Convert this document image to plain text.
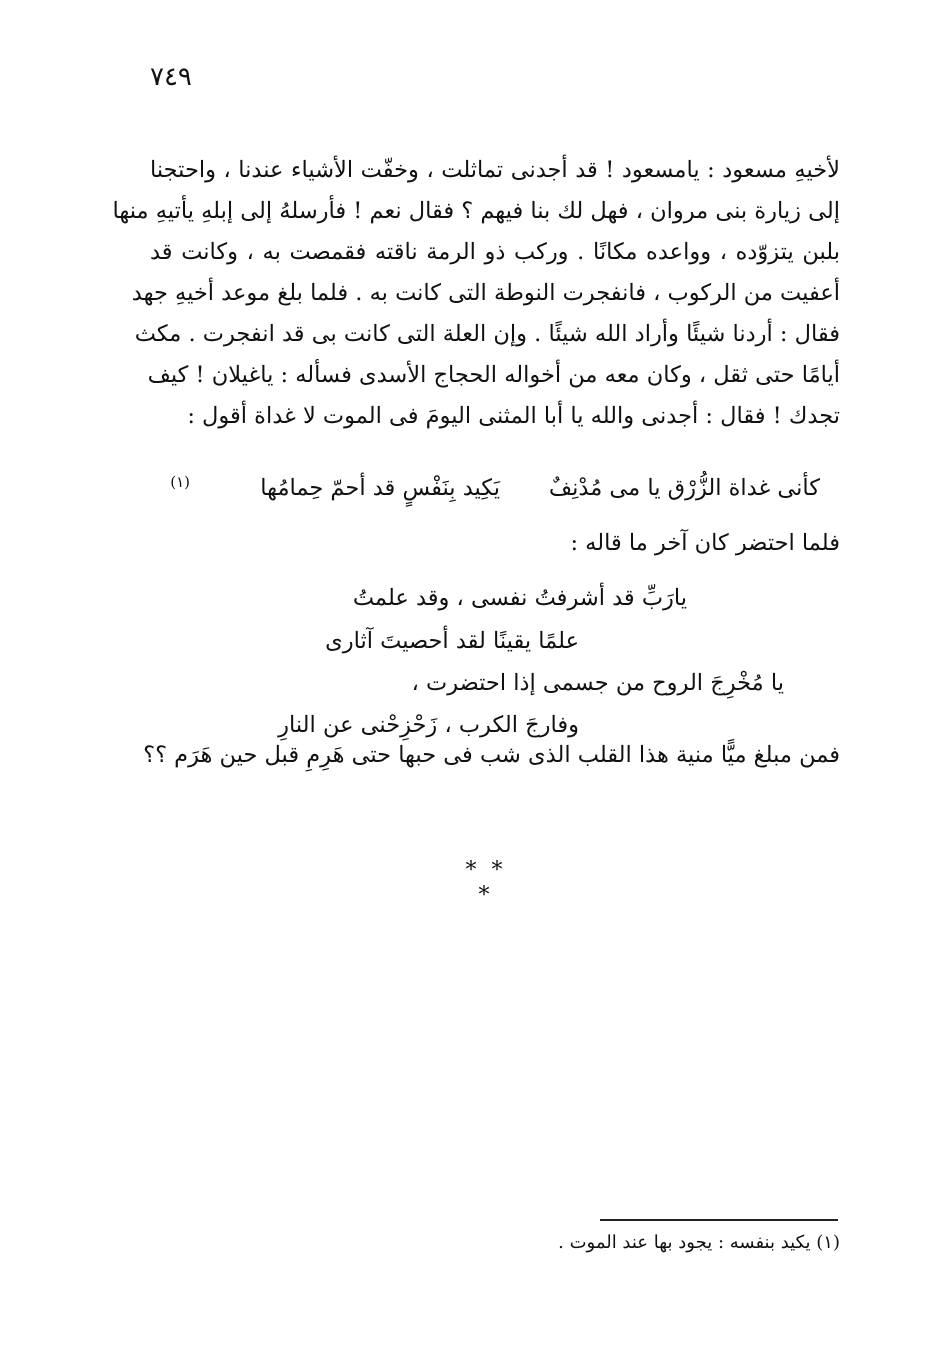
٧٤٩
لأخيهِ مسعود : يامسعود ! قد أجدنى تماثلت ، وخفّت الأشياء عندنا ، واحتجنا
إلى زيارة بنى مروان ، فهل لك بنا فيهم ؟ فقال نعم ! فأرسلهُ إلى إبلهِ يأتيهِ منها
بلبن يتزوّده ، وواعده مكانًا . وركب ذو الرمة ناقته فقمصت به ، وكانت قد
أعفيت من الركوب ، فانفجرت النوطة التى كانت به . فلما بلغ موعد أخيهِ جهد
فقال : أردنا شيئًا وأراد الله شيئًا . وإن العلة التى كانت بى قد انفجرت . مكث
أيامًا حتى ثقل ، وكان معه من أخواله الحجاج الأسدى فسأله : ياغيلان ! كيف
تجدك ! فقال : أجدنى والله يا أبا المثنى اليومَ فى الموت لا غداة أقول :
كأنى غداة الزُّرْق يا مى مُدْنِفٌ
يَكِيد بِنَفْسٍ قد أحمّ حِمامُها
(١)
فلما احتضر كان آخر ما قاله :
يارَبِّ قد أشرفتُ نفسى ، وقد علمتُ
علمًا يقينًا لقد أحصيتَ آثارى
يا مُخْرِجَ الروح من جسمى إذا احتضرت ،
وفارجَ الكرب ، زَحْزِحْنى عن النارِ
فمن مبلغ ميًّا منية هذا القلب الذى شب فى حبها حتى هَرِمِ قبل حين هَرَم ؟؟
* * *
(١) يكيد بنفسه : يجود بها عند الموت .
